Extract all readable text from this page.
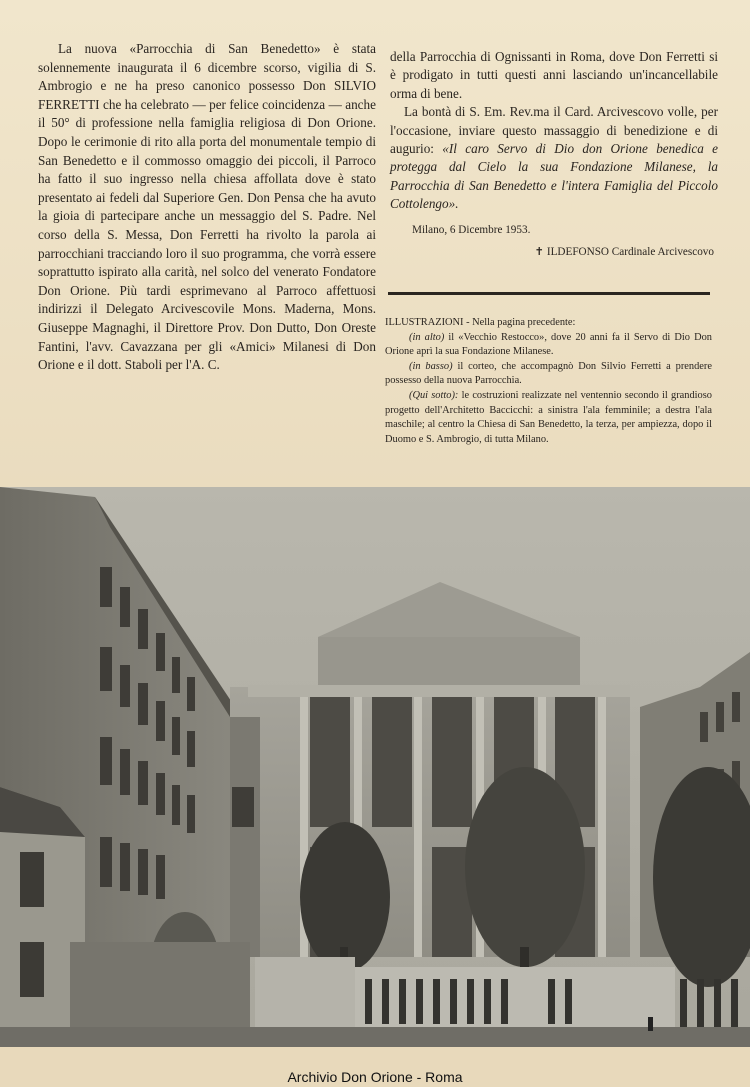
La nuova «Parrocchia di San Benedetto» è stata solennemente inaugurata il 6 dicembre scorso, vigilia di S. Ambrogio e ne ha preso canonico possesso Don SILVIO FERRETTI che ha celebrato — per felice coincidenza — anche il 50° di professione nella famiglia religiosa di Don Orione. Dopo le cerimonie di rito alla porta del monumentale tempio di San Benedetto e il commosso omaggio dei piccoli, il Parroco ha fatto il suo ingresso nella chiesa affollata dove è stato presentato ai fedeli dal Superiore Gen. Don Pensa che ha avuto la gioia di partecipare anche un messaggio del S. Padre. Nel corso della S. Messa, Don Ferretti ha rivolto la parola ai parrocchiani tracciando loro il suo programma, che vorrà essere soprattutto ispirato alla carità, nel solco del venerato Fondatore Don Orione. Più tardi esprimevano al Parroco affettuosi indirizzi il Delegato Arcivescovile Mons. Maderna, Mons. Giuseppe Magnaghi, il Direttore Prov. Don Dutto, Don Oreste Fantini, l'avv. Cavazzana per gli «Amici» Milanesi di Don Orione e il dott. Staboli per l'A. C.

della Parrocchia di Ognissanti in Roma, dove Don Ferretti si è prodigato in tutti questi anni lasciando un'incancellabile orma di bene.

La bontà di S. Em. Rev.ma il Card. Arcivescovo volle, per l'occasione, inviare questo massaggio di benedizione e di augurio: «Il caro Servo di Dio don Orione benedica e protegga dal Cielo la sua Fondazione Milanese, la Parrocchia di San Benedetto e l'intera Famiglia del Piccolo Cottolengo».

Milano, 6 Dicembre 1953.
✝ ILDEFONSO Cardinale Arcivescovo

ILLUSTRAZIONI - Nella pagina precedente:

(in alto) il «Vecchio Restocco», dove 20 anni fa il Servo di Dio Don Orione aprì la sua Fondazione Milanese.

(in basso) il corteo, che accompagnò Don Silvio Ferretti a prendere possesso della nuova Parrocchia.

(Qui sotto): le costruzioni realizzate nel ventennio secondo il grandioso progetto dell'Architetto Baccicchi: a sinistra l'ala femminile; a destra l'ala maschile; al centro la Chiesa di San Benedetto, la terza, per ampiezza, dopo il Duomo e S. Ambrogio, di tutta Milano.

Archivio Don Orione - Roma
